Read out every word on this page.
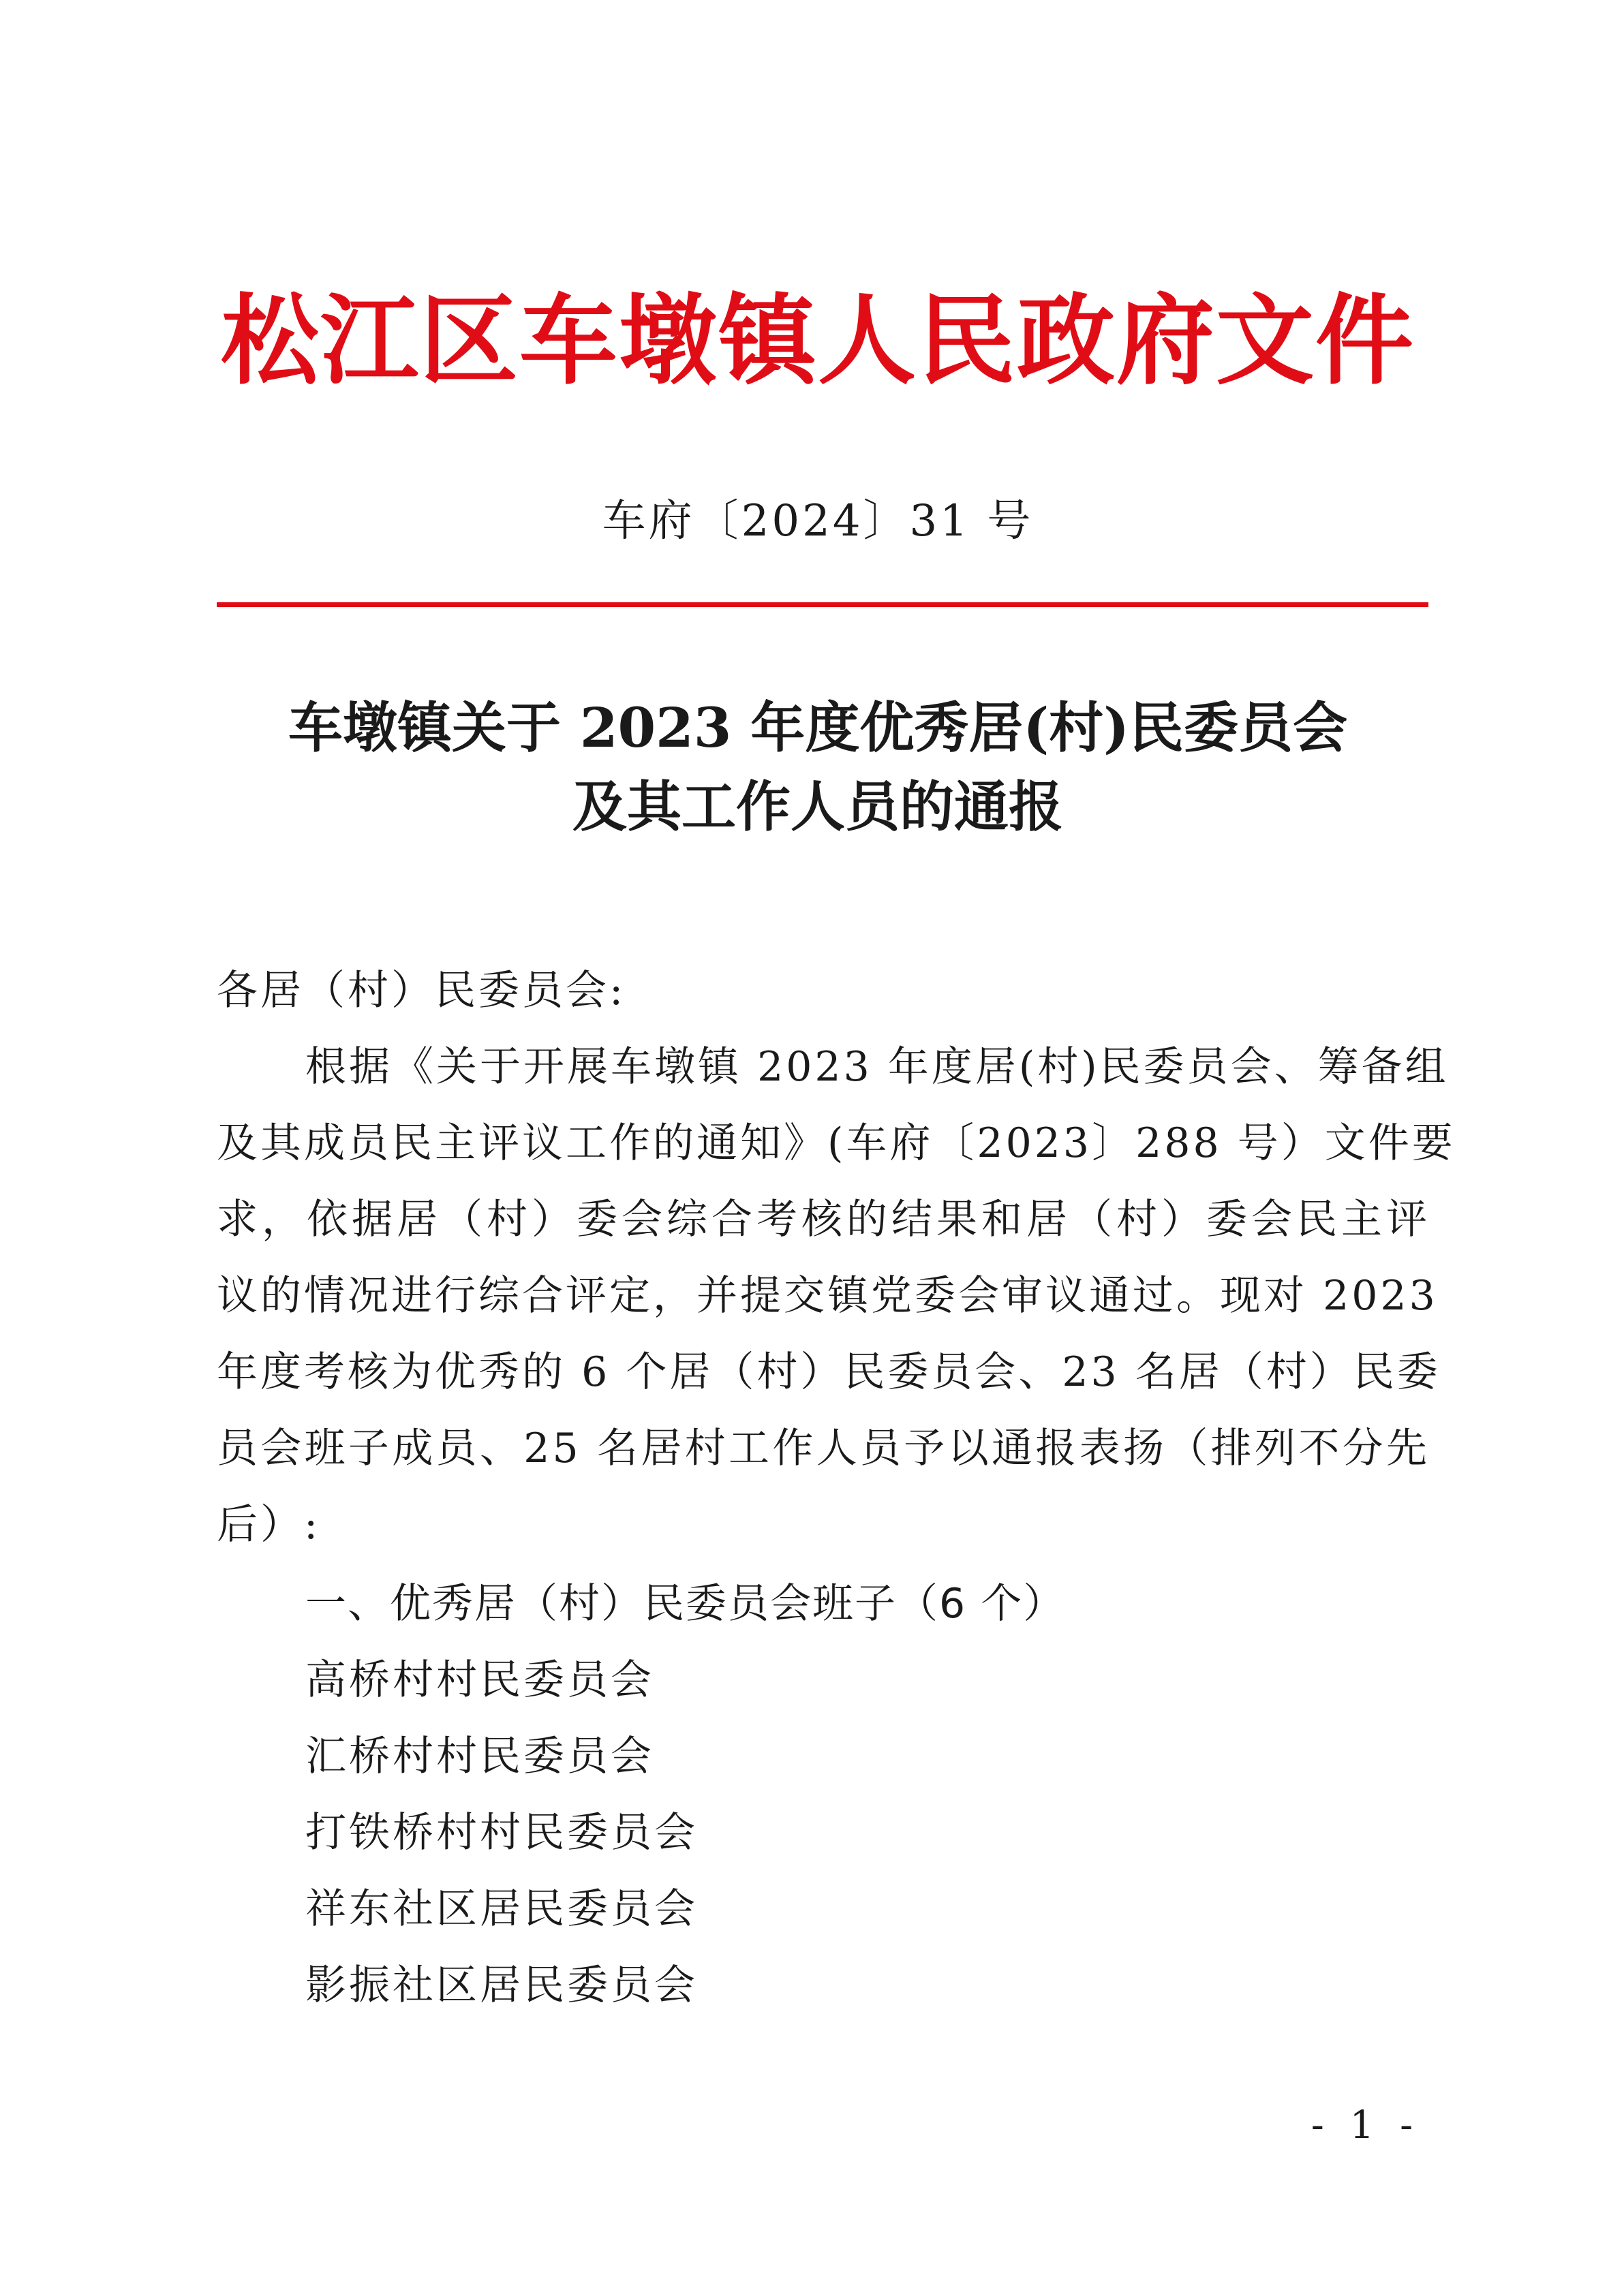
松江区车墩镇人民政府文件
车府〔2024〕31 号
车墩镇关于 2023 年度优秀居(村)民委员会
及其工作人员的通报
各居（村）民委员会:
根据《关于开展车墩镇 2023 年度居(村)民委员会、筹备组
及其成员民主评议工作的通知》(车府〔2023〕288 号）文件要
求，依据居（村）委会综合考核的结果和居（村）委会民主评
议的情况进行综合评定，并提交镇党委会审议通过。现对 2023
年度考核为优秀的 6 个居（村）民委员会、23 名居（村）民委
员会班子成员、25 名居村工作人员予以通报表扬（排列不分先
后）:
一、优秀居（村）民委员会班子（6 个）
高桥村村民委员会
汇桥村村民委员会
打铁桥村村民委员会
祥东社区居民委员会
影振社区居民委员会
- 1 -
